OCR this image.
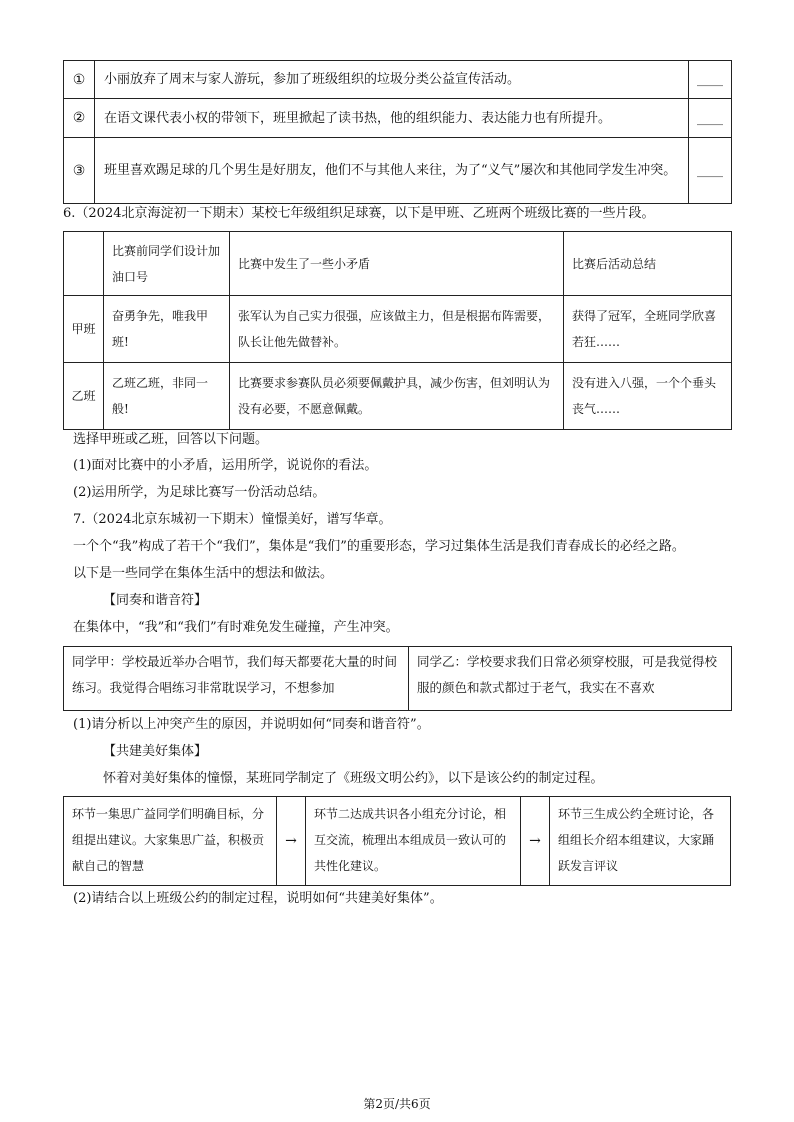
①	小丽放弃了周末与家人游玩，参加了班级组织的垃圾分类公益宣传活动。	____
②	在语文课代表小权的带领下，班里掀起了读书热，他的组织能力、表达能力也有所提升。	____
③	班里喜欢踢足球的几个男生是好朋友，他们不与其他人来往，为了“义气”屡次和其他同学发生冲突。	____
6.（2024北京海淀初一下期末）某校七年级组织足球赛，以下是甲班、乙班两个班级比赛的一些片段。
	比赛前同学们设计加油口号	比赛中发生了一些小矛盾	比赛后活动总结
甲班	奋勇争先，唯我甲班!	张军认为自己实力很强，应该做主力，但是根据布阵需要，队长让他先做替补。	获得了冠军，全班同学欣喜若狂……
乙班	乙班乙班，非同一般!	比赛要求参赛队员必须要佩戴护具，减少伤害，但刘明认为没有必要，不愿意佩戴。	没有进入八强，一个个垂头丧气……
选择甲班或乙班，回答以下问题。
(1)面对比赛中的小矛盾，运用所学，说说你的看法。
(2)运用所学，为足球比赛写一份活动总结。
7.（2024北京东城初一下期末）憧憬美好，谱写华章。
一个个“我”构成了若干个“我们”，集体是“我们”的重要形态，学习过集体生活是我们青春成长的必经之路。
以下是一些同学在集体生活中的想法和做法。
【同奏和谐音符】
在集体中，“我”和“我们”有时难免发生碰撞，产生冲突。
同学甲：学校最近举办合唱节，我们每天都要花大量的时间练习。我觉得合唱练习非常耽误学习，不想参加	同学乙：学校要求我们日常必须穿校服，可是我觉得校服的颜色和款式都过于老气，我实在不喜欢
(1)请分析以上冲突产生的原因，并说明如何“同奏和谐音符”。
【共建美好集体】
怀着对美好集体的憧憬，某班同学制定了《班级文明公约》，以下是该公约的制定过程。
环节一集思广益同学们明确目标，分组提出建议。大家集思广益，积极贡献自己的智慧
→
环节二达成共识各小组充分讨论，相互交流，梳理出本组成员一致认可的共性化建议。
→
环节三生成公约全班讨论，各组组长介绍本组建议，大家踊跃发言评议
(2)请结合以上班级公约的制定过程，说明如何“共建美好集体”。
第2页/共6页
